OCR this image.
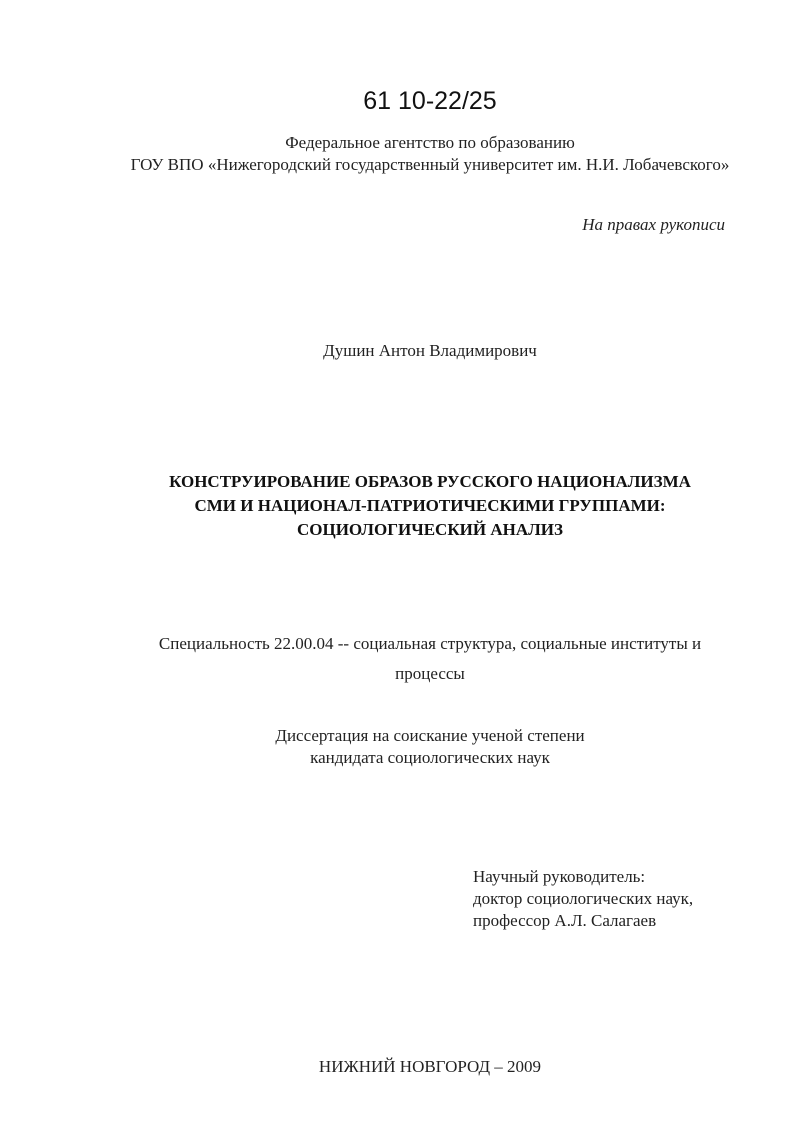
61 10-22/25
Федеральное агентство по образованию
ГОУ ВПО «Нижегородский государственный университет им. Н.И. Лобачевского»
На правах рукописи
Душин Антон Владимирович
КОНСТРУИРОВАНИЕ ОБРАЗОВ РУССКОГО НАЦИОНАЛИЗМА
СМИ И НАЦИОНАЛ-ПАТРИОТИЧЕСКИМИ ГРУППАМИ:
СОЦИОЛОГИЧЕСКИЙ АНАЛИЗ
Специальность 22.00.04 -- социальная структура, социальные институты и
процессы
Диссертация на соискание ученой степени
кандидата социологических наук
Научный руководитель:
доктор социологических наук,
профессор А.Л. Салагаев
НИЖНИЙ НОВГОРОД – 2009
